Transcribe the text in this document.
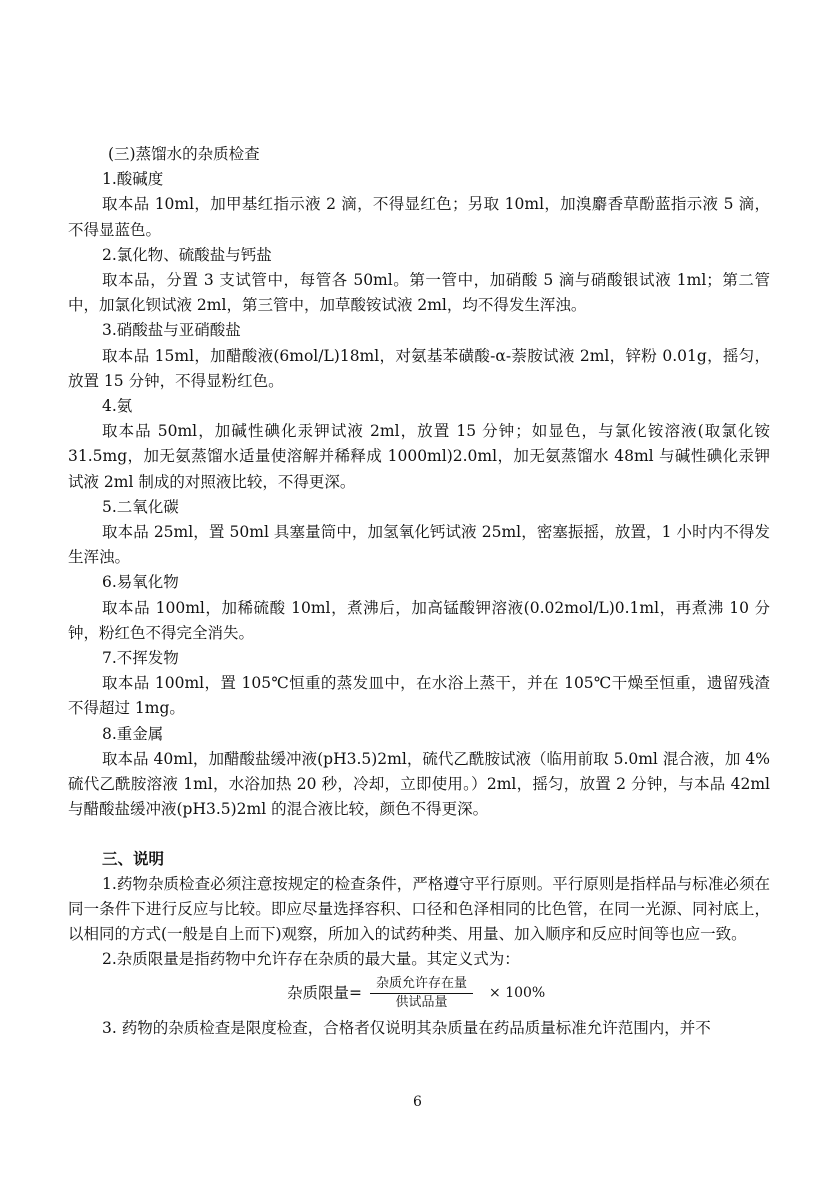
(三)蒸馏水的杂质检查

1.酸碱度

取本品 10ml，加甲基红指示液 2 滴，不得显红色；另取 10ml，加溴麝香草酚蓝指示液 5 滴，不得显蓝色。

2.氯化物、硫酸盐与钙盐

取本品，分置 3 支试管中，每管各 50ml。第一管中，加硝酸 5 滴与硝酸银试液 1ml；第二管中，加氯化钡试液 2ml，第三管中，加草酸铵试液 2ml，均不得发生浑浊。

3.硝酸盐与亚硝酸盐

取本品 15ml，加醋酸液(6mol/L)18ml，对氨基苯磺酸-α-萘胺试液 2ml，锌粉 0.01g，摇匀，放置 15 分钟，不得显粉红色。

4.氨

取本品 50ml，加碱性碘化汞钾试液 2ml，放置 15 分钟；如显色，与氯化铵溶液(取氯化铵31.5mg，加无氨蒸馏水适量使溶解并稀释成 1000ml)2.0ml，加无氨蒸馏水 48ml 与碱性碘化汞钾试液 2ml 制成的对照液比较，不得更深。

5.二氧化碳

取本品 25ml，置 50ml 具塞量筒中，加氢氧化钙试液 25ml，密塞振摇，放置，1 小时内不得发生浑浊。

6.易氧化物

取本品 100ml，加稀硫酸 10ml，煮沸后，加高锰酸钾溶液(0.02mol/L)0.1ml，再煮沸 10 分钟，粉红色不得完全消失。

7.不挥发物

取本品 100ml，置 105℃恒重的蒸发皿中，在水浴上蒸干，并在 105℃干燥至恒重，遗留残渣不得超过 1mg。

8.重金属

取本品 40ml，加醋酸盐缓冲液(pH3.5)2ml，硫代乙酰胺试液（临用前取 5.0ml 混合液，加 4%硫代乙酰胺溶液 1ml，水浴加热 20 秒，冷却，立即使用。）2ml，摇匀，放置 2 分钟，与本品 42ml与醋酸盐缓冲液(pH3.5)2ml 的混合液比较，颜色不得更深。

三、说明

1.药物杂质检查必须注意按规定的检查条件，严格遵守平行原则。平行原则是指样品与标准必须在同一条件下进行反应与比较。即应尽量选择容积、口径和色泽相同的比色管，在同一光源、同衬底上，以相同的方式(一般是自上而下)观察，所加入的试药种类、用量、加入顺序和反应时间等也应一致。

2.杂质限量是指药物中允许存在杂质的最大量。其定义式为：

杂质限量= $\frac{\text{杂质允许存在量}}{\text{供试品量}} \times 100\%$

3. 药物的杂质检查是限度检查，合格者仅说明其杂质量在药品质量标准允许范围内，并不

6
